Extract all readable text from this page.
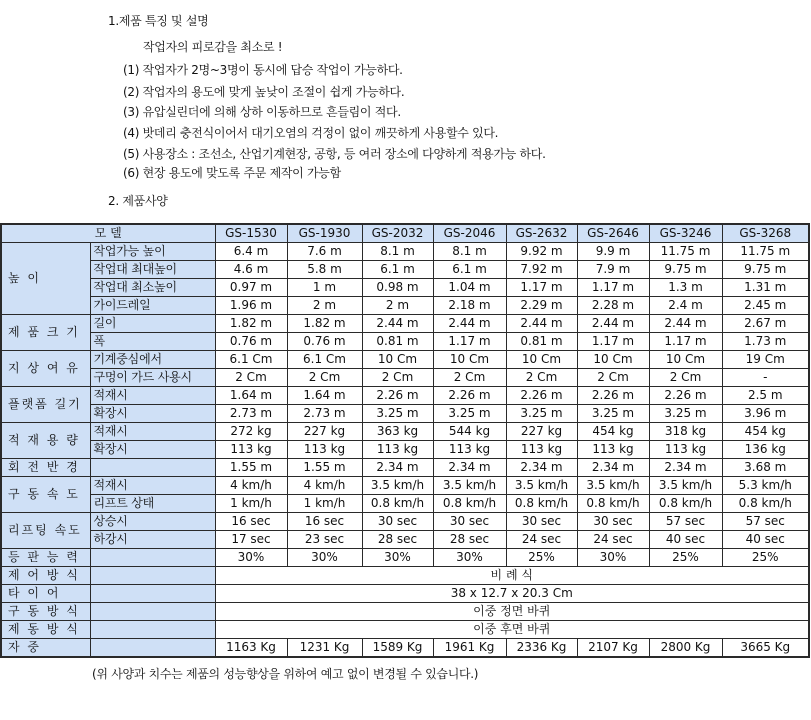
1.제품 특징 및 설명
작업자의 피로감을 최소로 !
(1) 작업자가 2명~3명이 동시에 답승 작업이 가능하다.
(2) 작업자의 용도에 맞게 높낮이 조절이 쉽게 가능하다.
(3) 유압실린더에 의해 상하 이동하므로 흔들림이 적다.
(4) 밧데리 충전식이어서 대기오염의 걱정이 없이 깨끗하게 사용할수 있다.
(5) 사용장소 : 조선소, 산업기계현장, 공항, 등 여러 장소에 다양하게 적용가능 하다.
(6) 현장 용도에 맞도록 주문 제작이 가능함
2. 제품사양
모 델		GS-1530	GS-1930	GS-2032	GS-2046	GS-2632	GS-2646	GS-3246	GS-3268
높 이	작업가능 높이	6.4 m	7.6 m	8.1 m	8.1 m	9.92 m	9.9 m	11.75 m	11.75 m
	작업대 최대높이	4.6 m	5.8 m	6.1 m	6.1 m	7.92 m	7.9 m	9.75 m	9.75 m
	작업대 최소높이	0.97 m	1 m	0.98 m	1.04 m	1.17 m	1.17 m	1.3 m	1.31 m
	가이드레일	1.96 m	2 m	2 m	2.18 m	2.29 m	2.28 m	2.4 m	2.45 m
제 품 크 기	길이	1.82 m	1.82 m	2.44 m	2.44 m	2.44 m	2.44 m	2.44 m	2.67 m
	폭	0.76 m	0.76 m	0.81 m	1.17 m	0.81 m	1.17 m	1.17 m	1.73 m
지 상 여 유	기계중심에서	6.1 Cm	6.1 Cm	10 Cm	10 Cm	10 Cm	10 Cm	10 Cm	19 Cm
	구멍이 가드 사용시	2 Cm	2 Cm	2 Cm	2 Cm	2 Cm	2 Cm	2 Cm	-
플랫폼 길기	적재시	1.64 m	1.64 m	2.26 m	2.26 m	2.26 m	2.26 m	2.26 m	2.5 m
	확장시	2.73 m	2.73 m	3.25 m	3.25 m	3.25 m	3.25 m	3.25 m	3.96 m
적 재 용 량	적재시	272 kg	227 kg	363 kg	544 kg	227 kg	454 kg	318 kg	454 kg
	확장시	113 kg	113 kg	113 kg	113 kg	113 kg	113 kg	113 kg	136 kg
회 전 반 경		1.55 m	1.55 m	2.34 m	2.34 m	2.34 m	2.34 m	2.34 m	3.68 m
구 동 속 도	적재시	4 km/h	4 km/h	3.5 km/h	3.5 km/h	3.5 km/h	3.5 km/h	3.5 km/h	5.3 km/h
	리프트 상태	1 km/h	1 km/h	0.8 km/h	0.8 km/h	0.8 km/h	0.8 km/h	0.8 km/h	0.8 km/h
리프팅 속도	상승시	16 sec	16 sec	30 sec	30 sec	30 sec	30 sec	57 sec	57 sec
	하강시	17 sec	23 sec	28 sec	28 sec	24 sec	24 sec	40 sec	40 sec
등 판 능 력		30%	30%	30%	30%	25%	30%	25%	25%
제 어 방 식		비 례 식							
타 이 어		38 x 12.7 x 20.3 Cm							
구 동 방 식		이중 정면 바퀴							
제 동 방 식		이중 후면 바퀴							
자 중		1163 Kg	1231 Kg	1589 Kg	1961 Kg	2336 Kg	2107 Kg	2800 Kg	3665 Kg
(위 사양과 치수는 제품의 성능향상을 위하여 예고 없이 변경될 수 있습니다.)
